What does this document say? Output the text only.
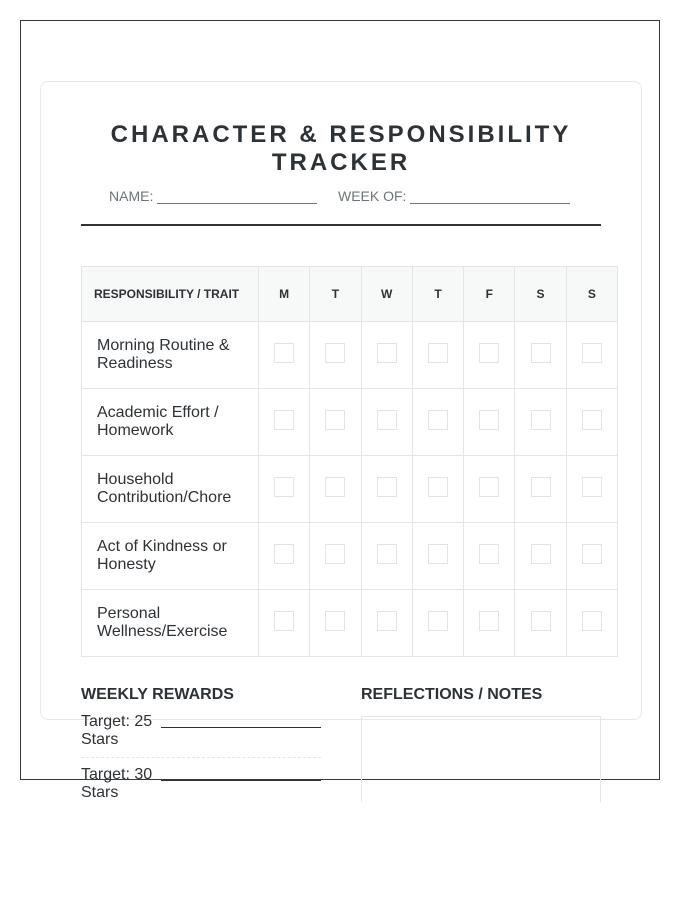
CHARACTER & RESPONSIBILITY TRACKER
NAME:	WEEK OF:
RESPONSIBILITY / TRAIT	M	T	W	T	F	S	S
Morning Routine & Readiness							
Academic Effort / Homework							
Household Contribution/Chore							
Act of Kindness or Honesty							
Personal Wellness/Exercise							
WEEKLY REWARDS	REFLECTIONS / NOTES
Target: 25 Stars
Target: 30 Stars
